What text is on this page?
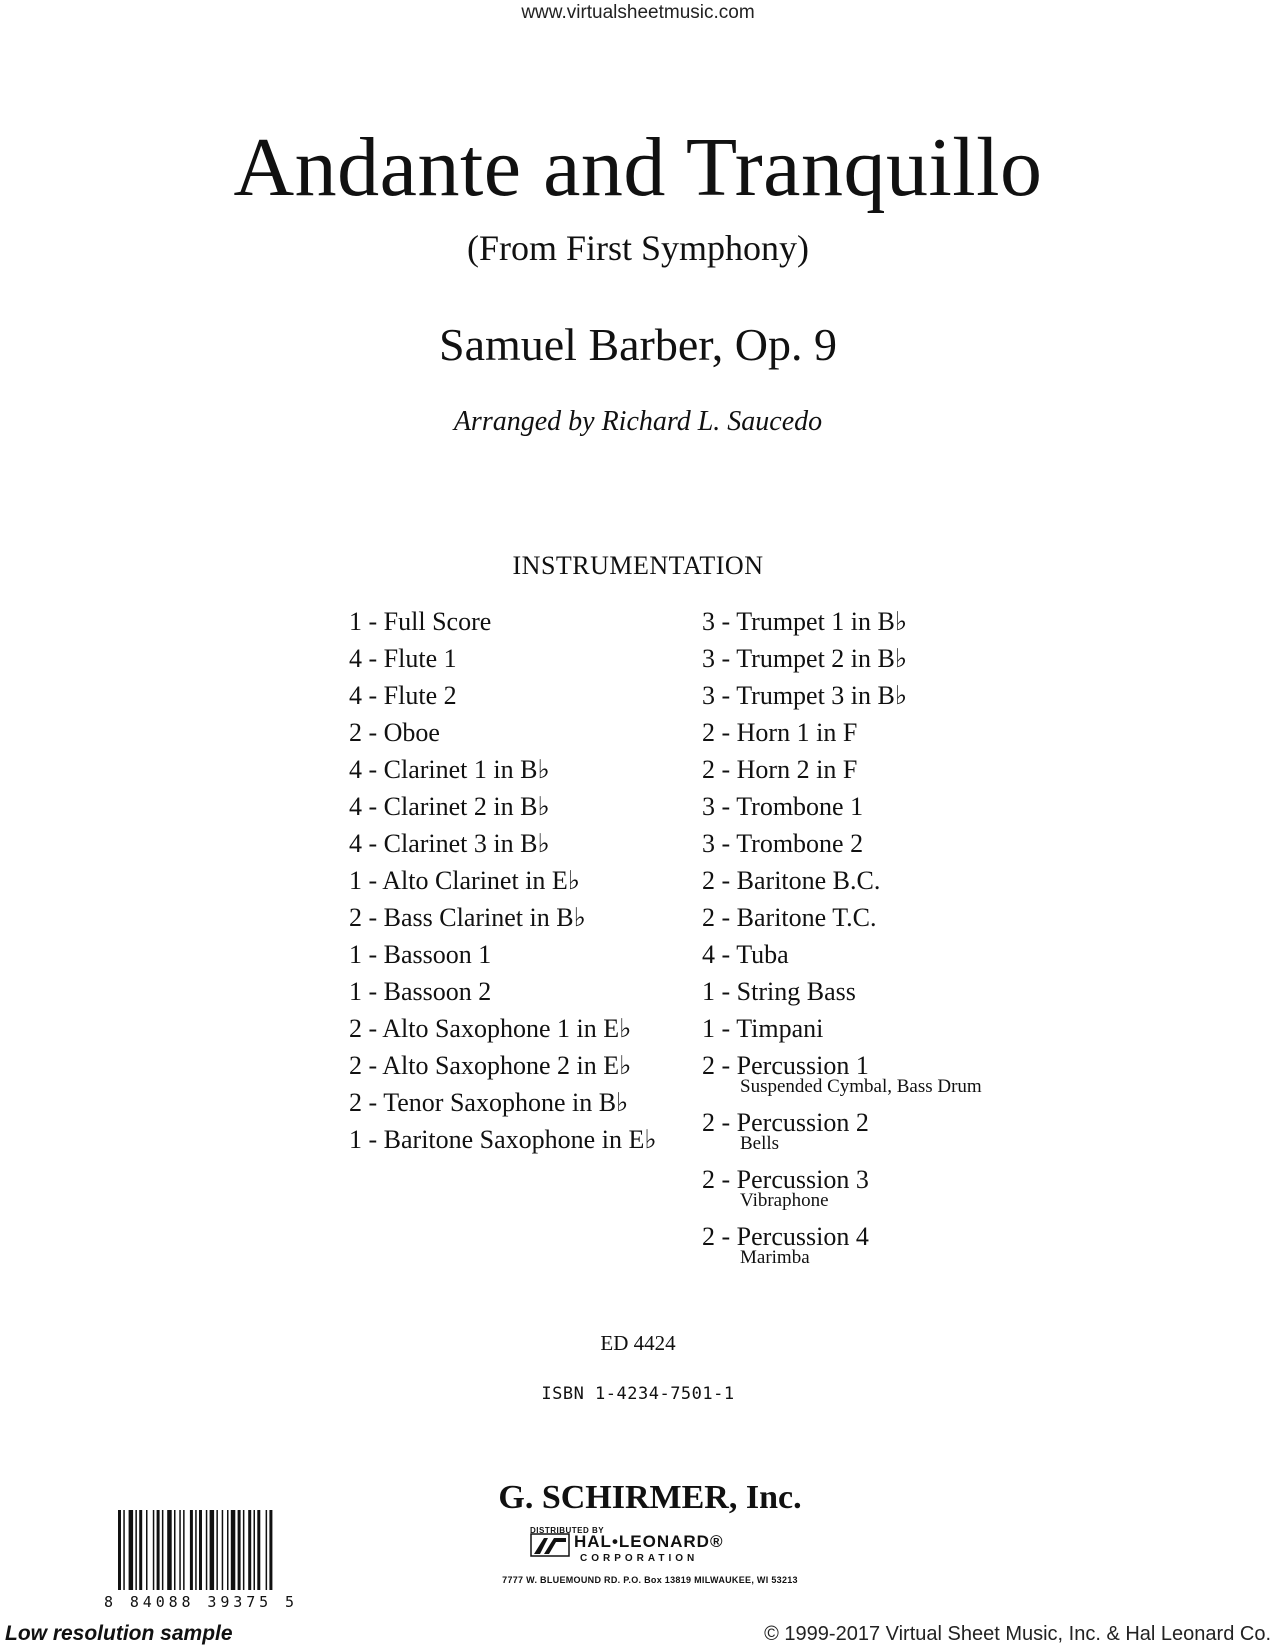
www.virtualsheetmusic.com
Andante and Tranquillo
(From First Symphony)
Samuel Barber, Op. 9
Arranged by Richard L. Saucedo
INSTRUMENTATION
1 - Full Score
4 - Flute 1
4 - Flute 2
2 - Oboe
4 - Clarinet 1 in B♭
4 - Clarinet 2 in B♭
4 - Clarinet 3 in B♭
1 - Alto Clarinet in E♭
2 - Bass Clarinet in B♭
1 - Bassoon 1
1 - Bassoon 2
2 - Alto Saxophone 1 in E♭
2 - Alto Saxophone 2 in E♭
2 - Tenor Saxophone in B♭
1 - Baritone Saxophone in E♭
3 - Trumpet 1 in B♭
3 - Trumpet 2 in B♭
3 - Trumpet 3 in B♭
2 - Horn 1 in F
2 - Horn 2 in F
3 - Trombone 1
3 - Trombone 2
2 - Baritone B.C.
2 - Baritone T.C.
4 - Tuba
1 - String Bass
1 - Timpani
2 - Percussion 1
Suspended Cymbal, Bass Drum
2 - Percussion 2
Bells
2 - Percussion 3
Vibraphone
2 - Percussion 4
Marimba
ED 4424
ISBN 1-4234-7501-1
8 84088 39375 5
G. SCHIRMER, Inc.
DISTRIBUTED BY
HAL•LEONARD®
CORPORATION
7777 W. BLUEMOUND RD. P.O. Box 13819 MILWAUKEE, WI 53213
Low resolution sample	© 1999-2017 Virtual Sheet Music, Inc. & Hal Leonard Co.
